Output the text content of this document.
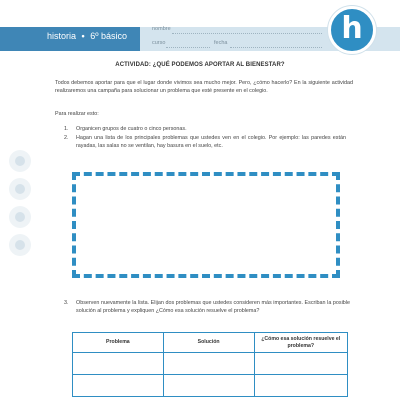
historia • 6º básico
nombre
curso	fecha	h
ACTIVIDAD: ¿QUÉ PODEMOS APORTAR AL BIENESTAR?
Todos debemos aportar para que el lugar donde vivimos sea mucho mejor. Pero, ¿cómo hacerlo? En la siguiente actividad realizaremos una campaña para solucionar un problema que esté presente en el colegio.
Para realizar esto:
1.	Organicen grupos de cuatro o cinco personas.
2.	Hagan una lista de los principales problemas que ustedes ven en el colegio. Por ejemplo: las paredes están rayadas, las salas no se ventilan, hay basura en el suelo, etc.
3.	Observen nuevamente la lista. Elijan dos problemas que ustedes consideren más importantes. Escriban la posible solución al problema y expliquen ¿Cómo esa solución resuelve el problema?
Problema	Solución	¿Cómo esa solución resuelve el problema?
